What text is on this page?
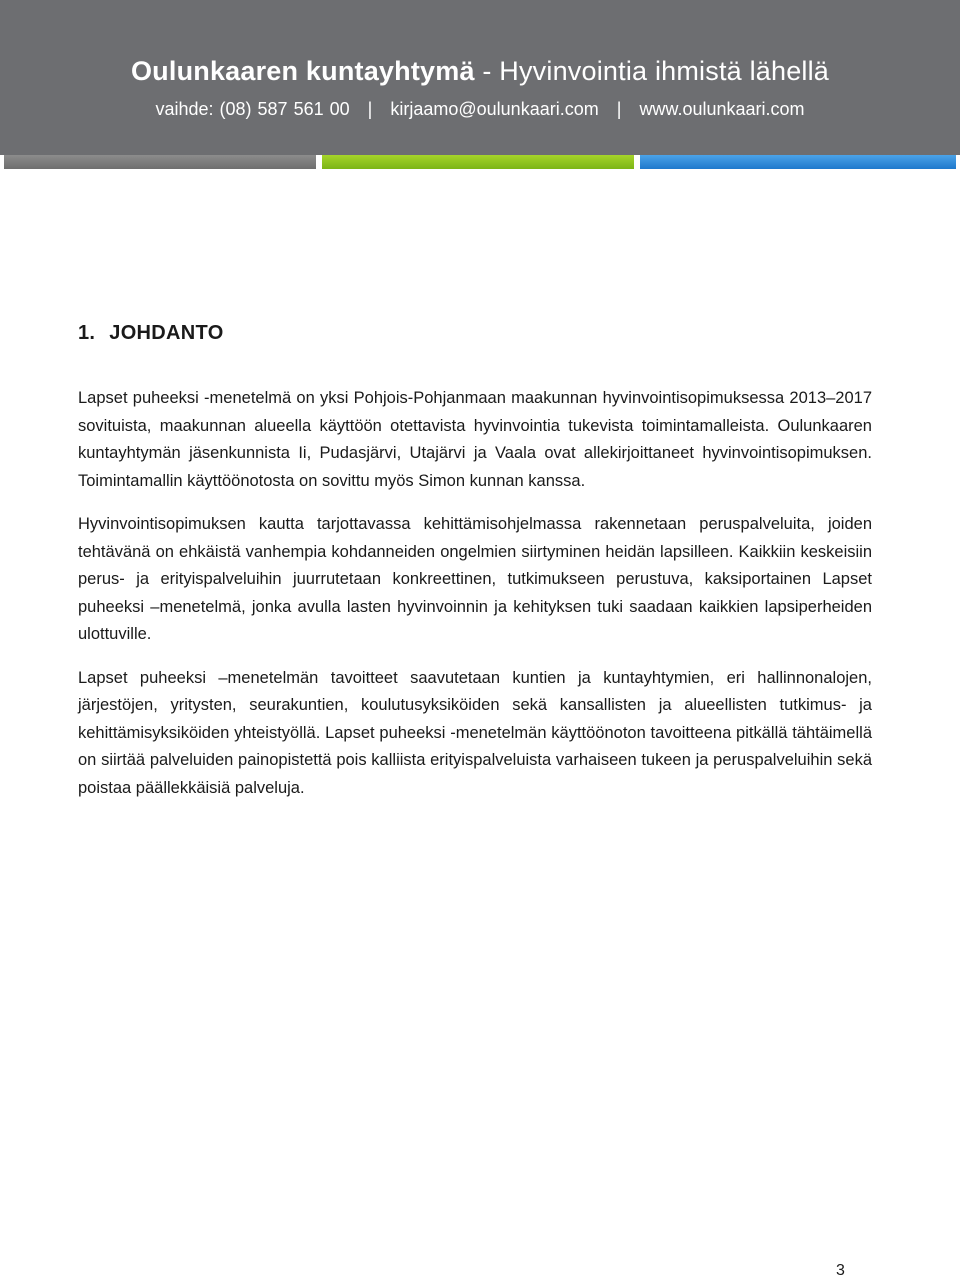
Oulunkaaren kuntayhtymä - Hyvinvointia ihmistä lähellä
vaihde: (08) 587 561 00 | kirjaamo@oulunkaari.com | www.oulunkaari.com
1. JOHDANTO

Lapset puheeksi -menetelmä on yksi Pohjois-Pohjanmaan maakunnan hyvinvointisopimuksessa 2013–2017 sovituista, maakunnan alueella käyttöön otettavista hyvinvointia tukevista toimintamalleista. Oulunkaaren kuntayhtymän jäsenkunnista Ii, Pudasjärvi, Utajärvi ja Vaala ovat allekirjoittaneet hyvinvointisopimuksen. Toimintamallin käyttöönotosta on sovittu myös Simon kunnan kanssa.

Hyvinvointisopimuksen kautta tarjottavassa kehittämisohjelmassa rakennetaan peruspalveluita, joiden tehtävänä on ehkäistä vanhempia kohdanneiden ongelmien siirtyminen heidän lapsilleen. Kaikkiin keskeisiin perus- ja erityispalveluihin juurrutetaan konkreettinen, tutkimukseen perustuva, kaksiportainen Lapset puheeksi –menetelmä, jonka avulla lasten hyvinvoinnin ja kehityksen tuki saadaan kaikkien lapsiperheiden ulottuville.

Lapset puheeksi –menetelmän tavoitteet saavutetaan kuntien ja kuntayhtymien, eri hallinnonalojen, järjestöjen, yritysten, seurakuntien, koulutusyksiköiden sekä kansallisten ja alueellisten tutkimus- ja kehittämisyksiköiden yhteistyöllä. Lapset puheeksi -menetelmän käyttöönoton tavoitteena pitkällä tähtäimellä on siirtää palveluiden painopistettä pois kalliista erityispalveluista varhaiseen tukeen ja peruspalveluihin sekä poistaa päällekkäisiä palveluja.

3
